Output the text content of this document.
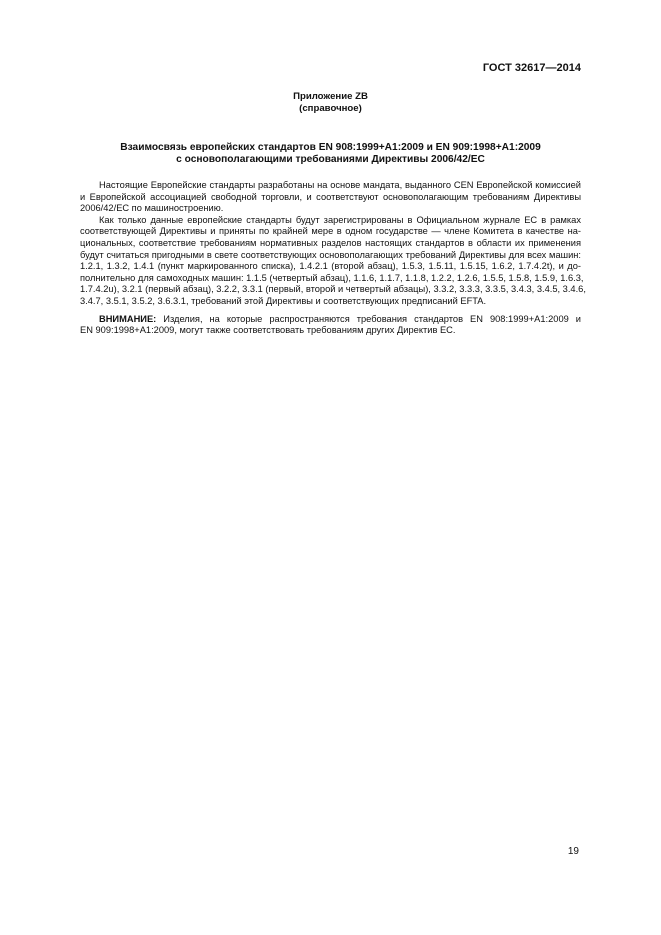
ГОСТ 32617—2014
Приложение ZB
(справочное)
Взаимосвязь европейских стандартов EN 908:1999+A1:2009 и EN 909:1998+A1:2009
с основополагающими требованиями Директивы 2006/42/ЕС
Настоящие Европейские стандарты разработаны на основе мандата, выданного CEN Европейской комиссией
и Европейской ассоциацией свободной торговли, и соответствуют основополагающим требованиям Директивы
2006/42/ЕС по машиностроению.
Как только данные европейские стандарты будут зарегистрированы в Официальном журнале ЕС в рамках
соответствующей Директивы и приняты по крайней мере в одном государстве — члене Комитета в качестве на-
циональных, соответствие требованиям нормативных разделов настоящих стандартов в области их применения
будут считаться пригодными в свете соответствующих основополагающих требований Директивы для всех машин:
1.2.1, 1.3.2, 1.4.1 (пункт маркированного списка), 1.4.2.1 (второй абзац), 1.5.3, 1.5.11, 1.5.15, 1.6.2, 1.7.4.2t), и до-
полнительно для самоходных машин: 1.1.5 (четвертый абзац), 1.1.6, 1.1.7, 1.1.8, 1.2.2, 1.2.6, 1.5.5, 1.5.8, 1.5.9, 1.6.3,
1.7.4.2u), 3.2.1 (первый абзац), 3.2.2, 3.3.1 (первый, второй и четвертый абзацы), 3.3.2, 3.3.3, 3.3.5, 3.4.3, 3.4.5, 3.4.6,
3.4.7, 3.5.1, 3.5.2, 3.6.3.1, требований этой Директивы и соответствующих предписаний EFTA.
ВНИМАНИЕ: Изделия, на которые распространяются требования стандартов EN 908:1999+A1:2009 и
EN 909:1998+A1:2009, могут также соответствовать требованиям других Директив ЕС.
19
